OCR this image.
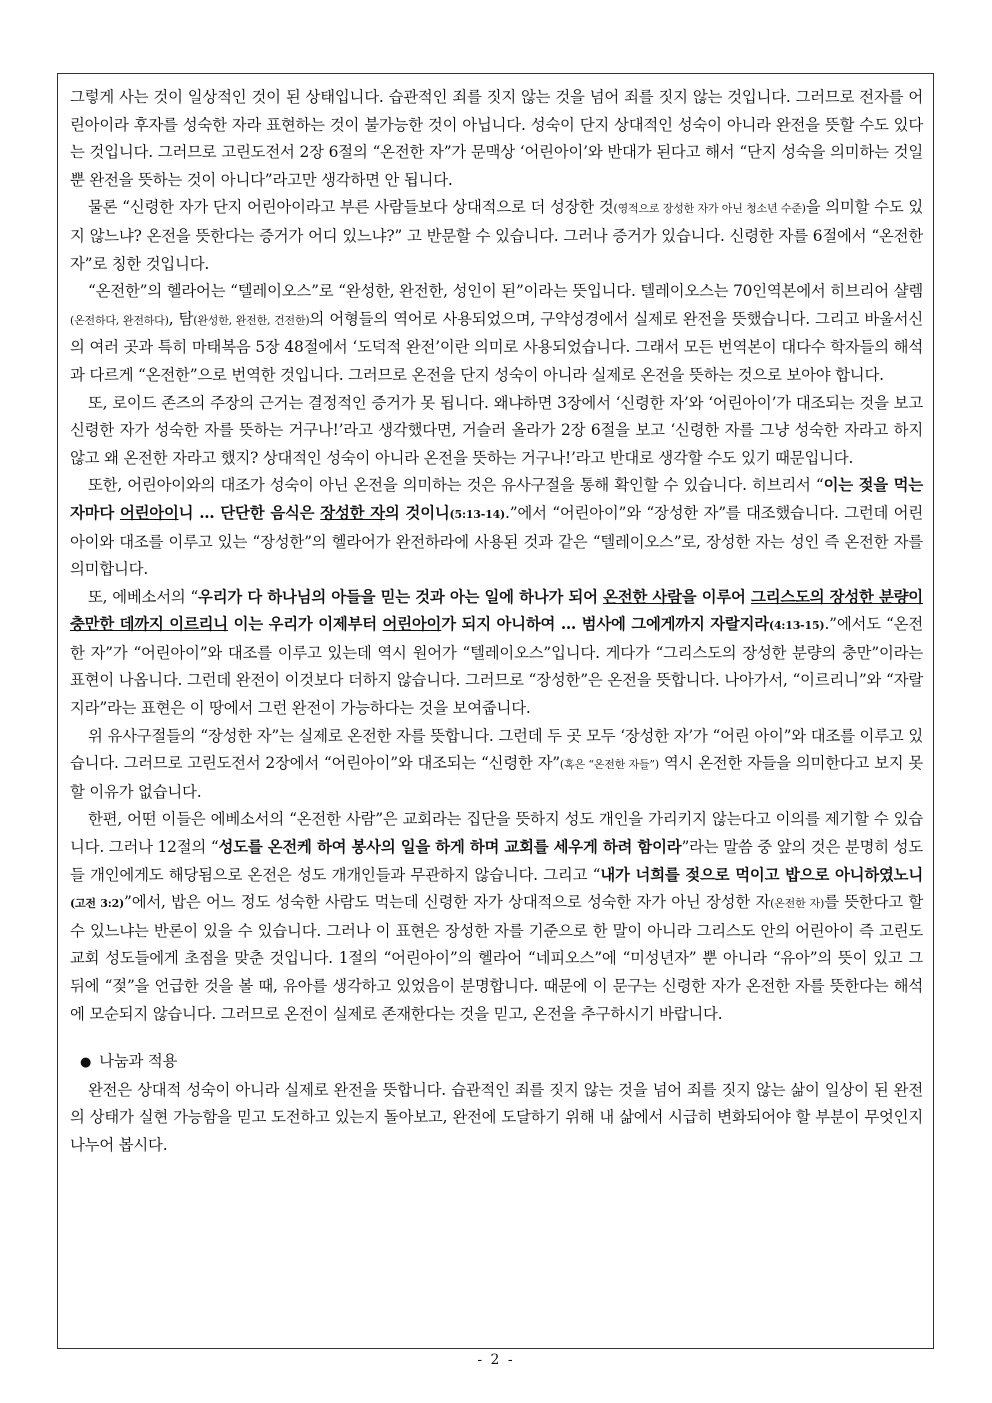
그렇게 사는 것이 일상적인 것이 된 상태입니다. 습관적인 죄를 짓지 않는 것을 넘어 죄를 짓지 않는 것입니다. 그러므로 전자를 어린아이라 후자를 성숙한 자라 표현하는 것이 불가능한 것이 아닙니다. 성숙이 단지 상대적인 성숙이 아니라 완전을 뜻할 수도 있다는 것입니다. 그러므로 고린도전서 2장 6절의 “온전한 자”가 문맥상 ‘어린아이’와 반대가 된다고 해서 “단지 성숙을 의미하는 것일 뿐 완전을 뜻하는 것이 아니다”라고만 생각하면 안 됩니다.

물론 “신령한 자가 단지 어린아이라고 부른 사람들보다 상대적으로 더 성장한 것(영적으로 장성한 자가 아닌 청소년 수준)을 의미할 수도 있지 않느냐? 온전을 뜻한다는 증거가 어디 있느냐?” 고 반문할 수 있습니다. 그러나 증거가 있습니다. 신령한 자를 6절에서 “온전한 자”로 칭한 것입니다.

“온전한”의 헬라어는 “텔레이오스”로 “완성한, 완전한, 성인이 된”이라는 뜻입니다. 텔레이오스는 70인역본에서 히브리어 샬렘(온전하다, 완전하다), 탐(완성한, 완전한, 건전한)의 어형들의 역어로 사용되었으며, 구약성경에서 실제로 완전을 뜻했습니다. 그리고 바울서신의 여러 곳과 특히 마태복음 5장 48절에서 ‘도덕적 완전’이란 의미로 사용되었습니다. 그래서 모든 번역본이 대다수 학자들의 해석과 다르게 “온전한”으로 번역한 것입니다. 그러므로 온전을 단지 성숙이 아니라 실제로 온전을 뜻하는 것으로 보아야 합니다.

또, 로이드 존즈의 주장의 근거는 결정적인 증거가 못 됩니다. 왜냐하면 3장에서 ‘신령한 자’와 ‘어린아이’가 대조되는 것을 보고 신령한 자가 성숙한 자를 뜻하는 거구나!’라고 생각했다면, 거슬러 올라가 2장 6절을 보고 ‘신령한 자를 그냥 성숙한 자라고 하지 않고 왜 온전한 자라고 했지? 상대적인 성숙이 아니라 온전을 뜻하는 거구나!’라고 반대로 생각할 수도 있기 때문입니다.

또한, 어린아이와의 대조가 성숙이 아닌 온전을 의미하는 것은 유사구절을 통해 확인할 수 있습니다. 히브리서 “이는 젖을 먹는 자마다 어린아이니 … 단단한 음식은 장성한 자의 것이니(5:13-14).”에서 “어린아이”와 “장성한 자”를 대조했습니다. 그런데 어린아이와 대조를 이루고 있는 “장성한”의 헬라어가 완전하라에 사용된 것과 같은 “텔레이오스”로, 장성한 자는 성인 즉 온전한 자를 의미합니다.

또, 에베소서의 “우리가 다 하나님의 아들을 믿는 것과 아는 일에 하나가 되어 온전한 사람을 이루어 그리스도의 장성한 분량이 충만한 데까지 이르리니 이는 우리가 이제부터 어린아이가 되지 아니하여 … 범사에 그에게까지 자랄지라(4:13-15).”에서도 “온전한 자”가 “어린아이”와 대조를 이루고 있는데 역시 원어가 “텔레이오스”입니다. 게다가 “그리스도의 장성한 분량의 충만”이라는 표현이 나옵니다. 그런데 완전이 이것보다 더하지 않습니다. 그러므로 “장성한”은 온전을 뜻합니다. 나아가서, “이르리니”와 “자랄지라”라는 표현은 이 땅에서 그런 완전이 가능하다는 것을 보여줍니다.

위 유사구절들의 “장성한 자”는 실제로 온전한 자를 뜻합니다. 그런데 두 곳 모두 ‘장성한 자’가 “어린 아이”와 대조를 이루고 있습니다. 그러므로 고린도전서 2장에서 “어린아이”와 대조되는 “신령한 자”(혹은 “온전한 자들”) 역시 온전한 자들을 의미한다고 보지 못할 이유가 없습니다.

한편, 어떤 이들은 에베소서의 “온전한 사람”은 교회라는 집단을 뜻하지 성도 개인을 가리키지 않는다고 이의를 제기할 수 있습니다. 그러나 12절의 “성도를 온전케 하여 봉사의 일을 하게 하며 교회를 세우게 하려 함이라”라는 말씀 중 앞의 것은 분명히 성도들 개인에게도 해당됨으로 온전은 성도 개개인들과 무관하지 않습니다. 그리고 “내가 너희를 젖으로 먹이고 밥으로 아니하였노니(고전 3:2)”에서, 밥은 어느 정도 성숙한 사람도 먹는데 신령한 자가 상대적으로 성숙한 자가 아닌 장성한 자(온전한 자)를 뜻한다고 할 수 있느냐는 반론이 있을 수 있습니다. 그러나 이 표현은 장성한 자를 기준으로 한 말이 아니라 그리스도 안의 어린아이 즉 고린도 교회 성도들에게 초점을 맞춘 것입니다. 1절의 “어린아이”의 헬라어 “네피오스”에 “미성년자” 뿐 아니라 “유아”의 뜻이 있고 그 뒤에 “젖”을 언급한 것을 볼 때, 유아를 생각하고 있었음이 분명합니다. 때문에 이 문구는 신령한 자가 온전한 자를 뜻한다는 해석에 모순되지 않습니다. 그러므로 온전이 실제로 존재한다는 것을 믿고, 온전을 추구하시기 바랍니다.

● 나눔과 적용

완전은 상대적 성숙이 아니라 실제로 완전을 뜻합니다. 습관적인 죄를 짓지 않는 것을 넘어 죄를 짓지 않는 삶이 일상이 된 완전의 상태가 실현 가능함을 믿고 도전하고 있는지 돌아보고, 완전에 도달하기 위해 내 삶에서 시급히 변화되어야 할 부분이 무엇인지 나누어 봅시다.

- 2 -
